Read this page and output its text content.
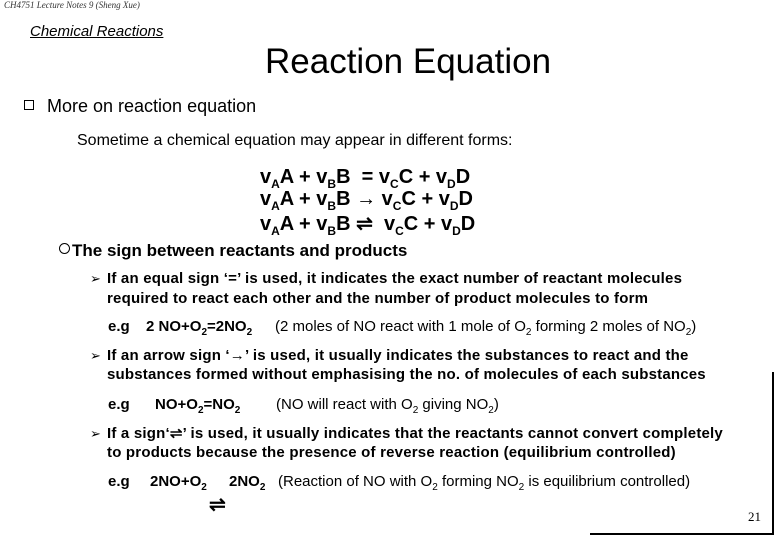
CH4751 Lecture Notes 9 (Sheng Xue)
Chemical Reactions
Reaction Equation
More on reaction equation
Sometime a chemical equation may appear in different forms:
$v_AA + v_BB = v_CC + v_DD$
$v_AA + v_BB \to v_CC + v_DD$
$v_AA + v_BB$ ⇌  $v_CC + v_DD$
The sign between reactants and products
➢ If an equal sign ‘=’ is used, it indicates the exact number of reactant molecules
required to react each other and the number of product molecules to form
e.g 2 $NO+O_2=2NO_2$ (2 moles of NO react with 1 mole of $O_2$ forming 2 moles of $NO_2$)
➢ If an arrow sign ‘→’ is used, it usually indicates the substances to react and the
substances formed without emphasising the no. of molecules of each substances
e.g $NO+O_2=NO_2$ (NO will react with $O_2$ giving $NO_2$)
➢ If a sign‘⇌’ is used, it usually indicates that the reactants cannot convert completely
to products because the presence of reverse reaction (equilibrium controlled)
e.g $2NO+O_2$ $2NO_2$
⇌
(Reaction of NO with $O_2$ forming $NO_2$ is equilibrium controlled)
21
